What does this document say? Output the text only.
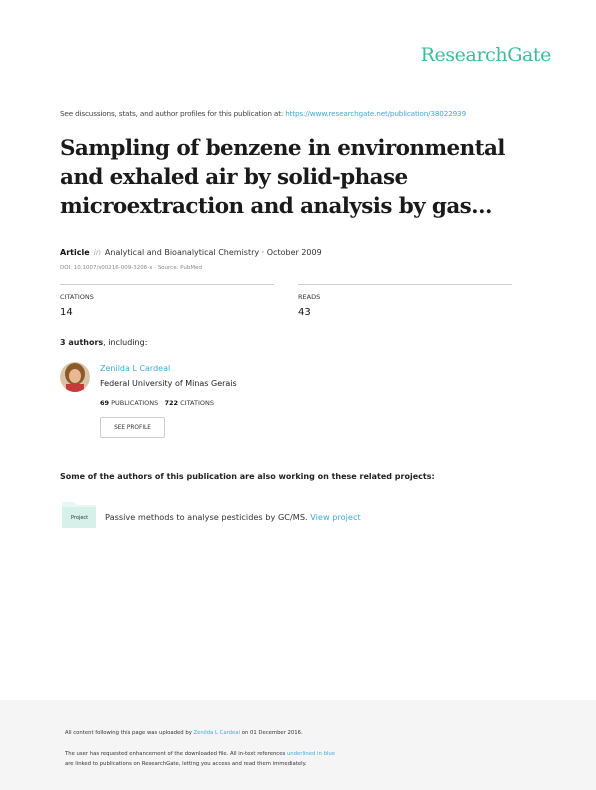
ResearchGate
See discussions, stats, and author profiles for this publication at: https://www.researchgate.net/publication/38022939
Sampling of benzene in environmental and exhaled air by solid-phase microextraction and analysis by gas...
Article in Analytical and Bioanalytical Chemistry · October 2009
DOI: 10.1007/s00216-009-3206-x · Source: PubMed
CITATIONS
14
READS
43
3 authors, including:
Zenilda L Cardeal
Federal University of Minas Gerais
69 PUBLICATIONS 722 CITATIONS
SEE PROFILE
Some of the authors of this publication are also working on these related projects:
Project Passive methods to analyse pesticides by GC/MS. View project

All content following this page was uploaded by Zenilda L Cardeal on 01 December 2016.

The user has requested enhancement of the downloaded file. All in-text references underlined in blue

are linked to publications on ResearchGate, letting you access and read them immediately.
